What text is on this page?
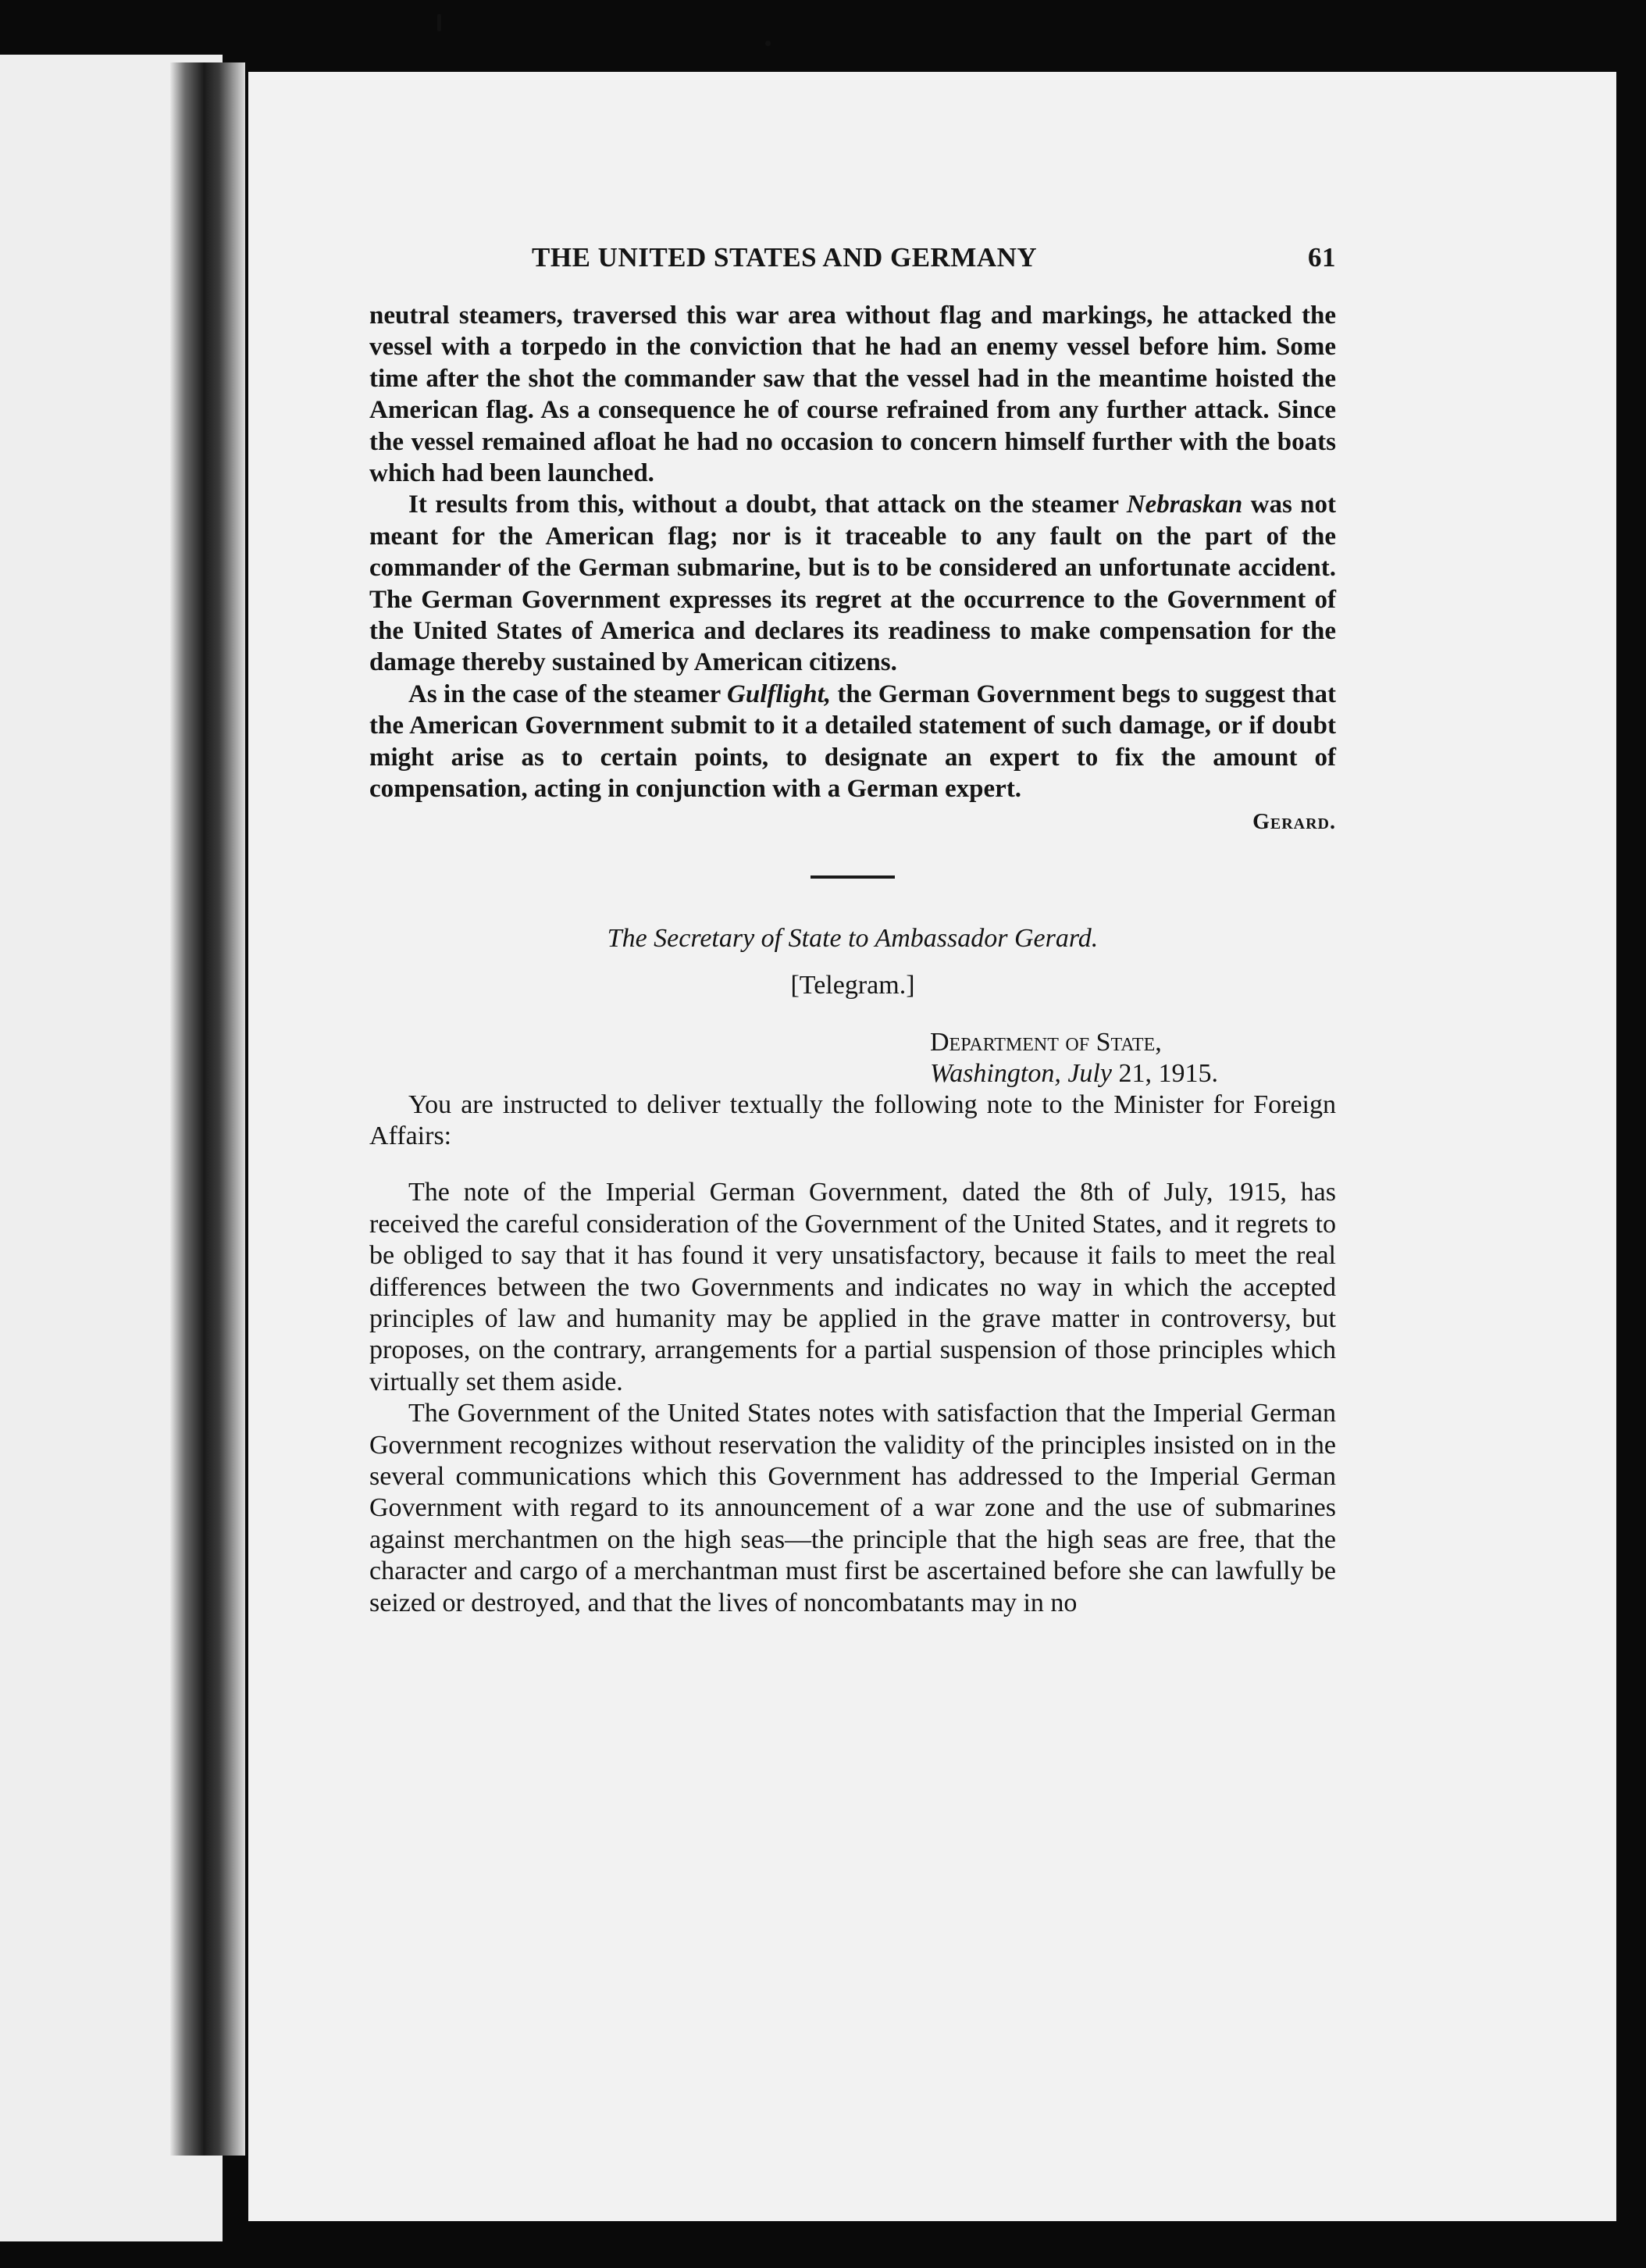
THE UNITED STATES AND GERMANY	61

neutral steamers, traversed this war area without flag and markings, he attacked the vessel with a torpedo in the conviction that he had an enemy vessel before him. Some time after the shot the commander saw that the vessel had in the meantime hoisted the American flag. As a consequence he of course refrained from any further attack. Since the vessel remained afloat he had no occasion to concern himself further with the boats which had been launched.

It results from this, without a doubt, that attack on the steamer Nebraskan was not meant for the American flag; nor is it traceable to any fault on the part of the commander of the German submarine, but is to be considered an unfortunate accident. The German Government expresses its regret at the occurrence to the Government of the United States of America and declares its readiness to make compensation for the damage thereby sustained by American citizens.

As in the case of the steamer Gulflight, the German Government begs to suggest that the American Government submit to it a detailed statement of such damage, or if doubt might arise as to certain points, to designate an expert to fix the amount of compensation, acting in conjunction with a German expert.

Gerard.
The Secretary of State to Ambassador Gerard.
[Telegram.]
Department of State,
Washington, July 21, 1915.

You are instructed to deliver textually the following note to the Minister for Foreign Affairs:

The note of the Imperial German Government, dated the 8th of July, 1915, has received the careful consideration of the Government of the United States, and it regrets to be obliged to say that it has found it very unsatisfactory, because it fails to meet the real differences between the two Governments and indicates no way in which the accepted principles of law and humanity may be applied in the grave matter in controversy, but proposes, on the contrary, arrangements for a partial suspension of those principles which virtually set them aside.

The Government of the United States notes with satisfaction that the Imperial German Government recognizes without reservation the validity of the principles insisted on in the several communications which this Government has addressed to the Imperial German Government with regard to its announcement of a war zone and the use of submarines against merchantmen on the high seas—the principle that the high seas are free, that the character and cargo of a merchantman must first be ascertained before she can lawfully be seized or destroyed, and that the lives of noncombatants may in no
